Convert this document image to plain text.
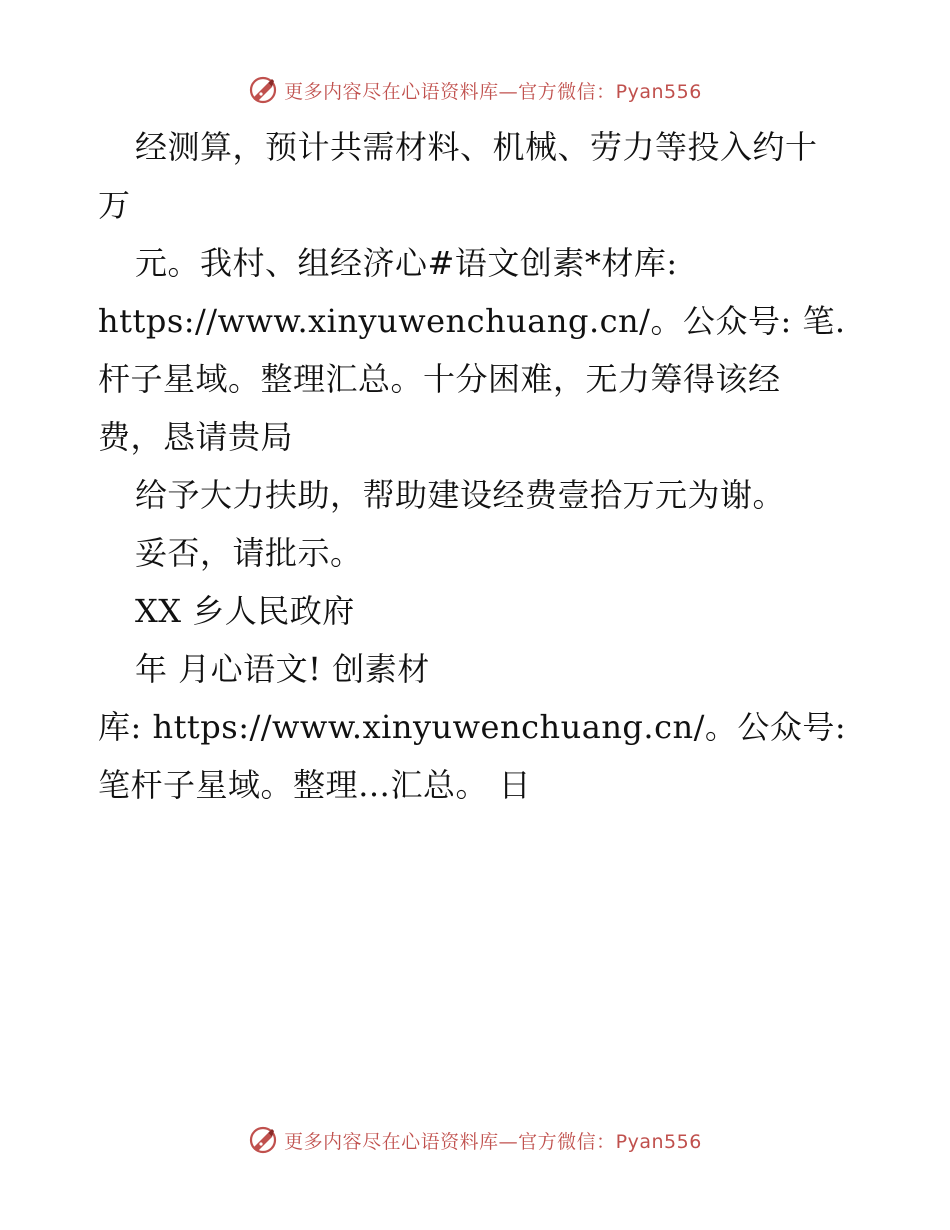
更多内容尽在心语资料库—官方微信：Pyan556
经测算，预计共需材料、机械、劳力等投入约十
万
元。我村、组经济心#语文创素*材库:
https://www.xinyuwenchuang.cn/。公众号: 笔.
杆子星域。整理汇总。十分困难，无力筹得该经
费，恳请贵局
给予大力扶助，帮助建设经费壹拾万元为谢。
妥否，请批示。
XX 乡人民政府
年 月心语文! 创素材
库: https://www.xinyuwenchuang.cn/。公众号:
笔杆子星域。整理…汇总。 日
更多内容尽在心语资料库—官方微信：Pyan556
